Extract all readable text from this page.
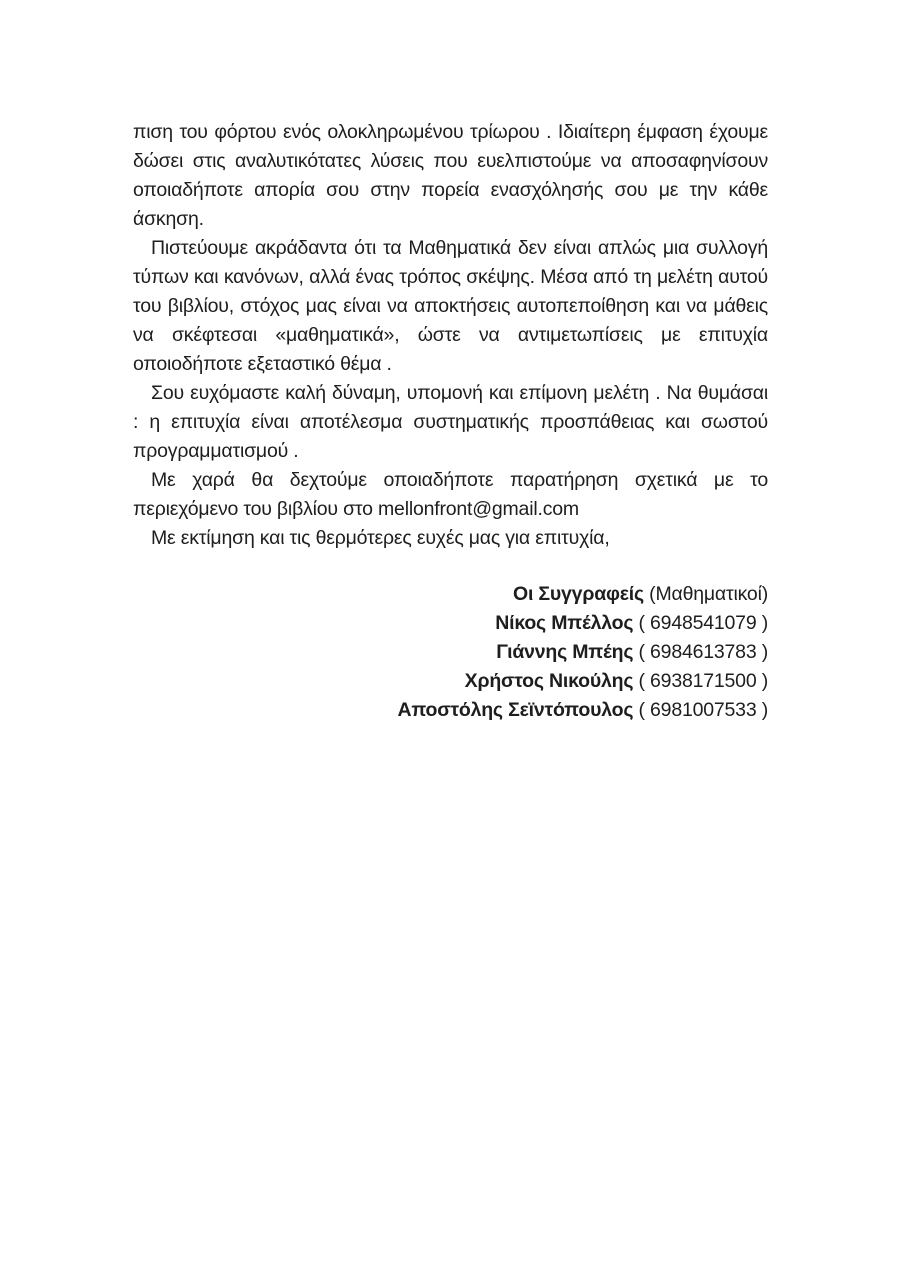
πιση του φόρτου ενός ολοκληρωμένου τρίωρου . Ιδιαίτερη έμφαση έχουμε δώσει στις αναλυτικότατες λύσεις που ευελπιστούμε να αποσαφηνίσουν οποιαδήποτε απορία σου στην πορεία ενασχόλησής σου με την κάθε άσκηση.

Πιστεύουμε ακράδαντα ότι τα Μαθηματικά δεν είναι απλώς μια συλλογή τύπων και κανόνων, αλλά ένας τρόπος σκέψης. Μέσα από τη μελέτη αυτού του βιβλίου, στόχος μας είναι να αποκτήσεις αυτοπεποίθηση και να μάθεις να σκέφτεσαι «μαθηματικά», ώστε να αντιμετωπίσεις με επιτυχία οποιοδήποτε εξεταστικό θέμα .

Σου ευχόμαστε καλή δύναμη, υπομονή και επίμονη μελέτη . Να θυμάσαι : η επιτυχία είναι αποτέλεσμα συστηματικής προσπάθειας και σωστού προγραμματισμού .

Με χαρά θα δεχτούμε οποιαδήποτε παρατήρηση σχετικά με το περιεχόμενο του βιβλίου στο mellonfront@gmail.com

Με εκτίμηση και τις θερμότερες ευχές μας για επιτυχία,

Οι Συγγραφείς (Μαθηματικοί)
Νίκος Μπέλλος ( 6948541079 )
Γιάννης Μπέης ( 6984613783 )
Χρήστος Νικούλης ( 6938171500 )
Αποστόλης Σεϊντόπουλος ( 6981007533 )
